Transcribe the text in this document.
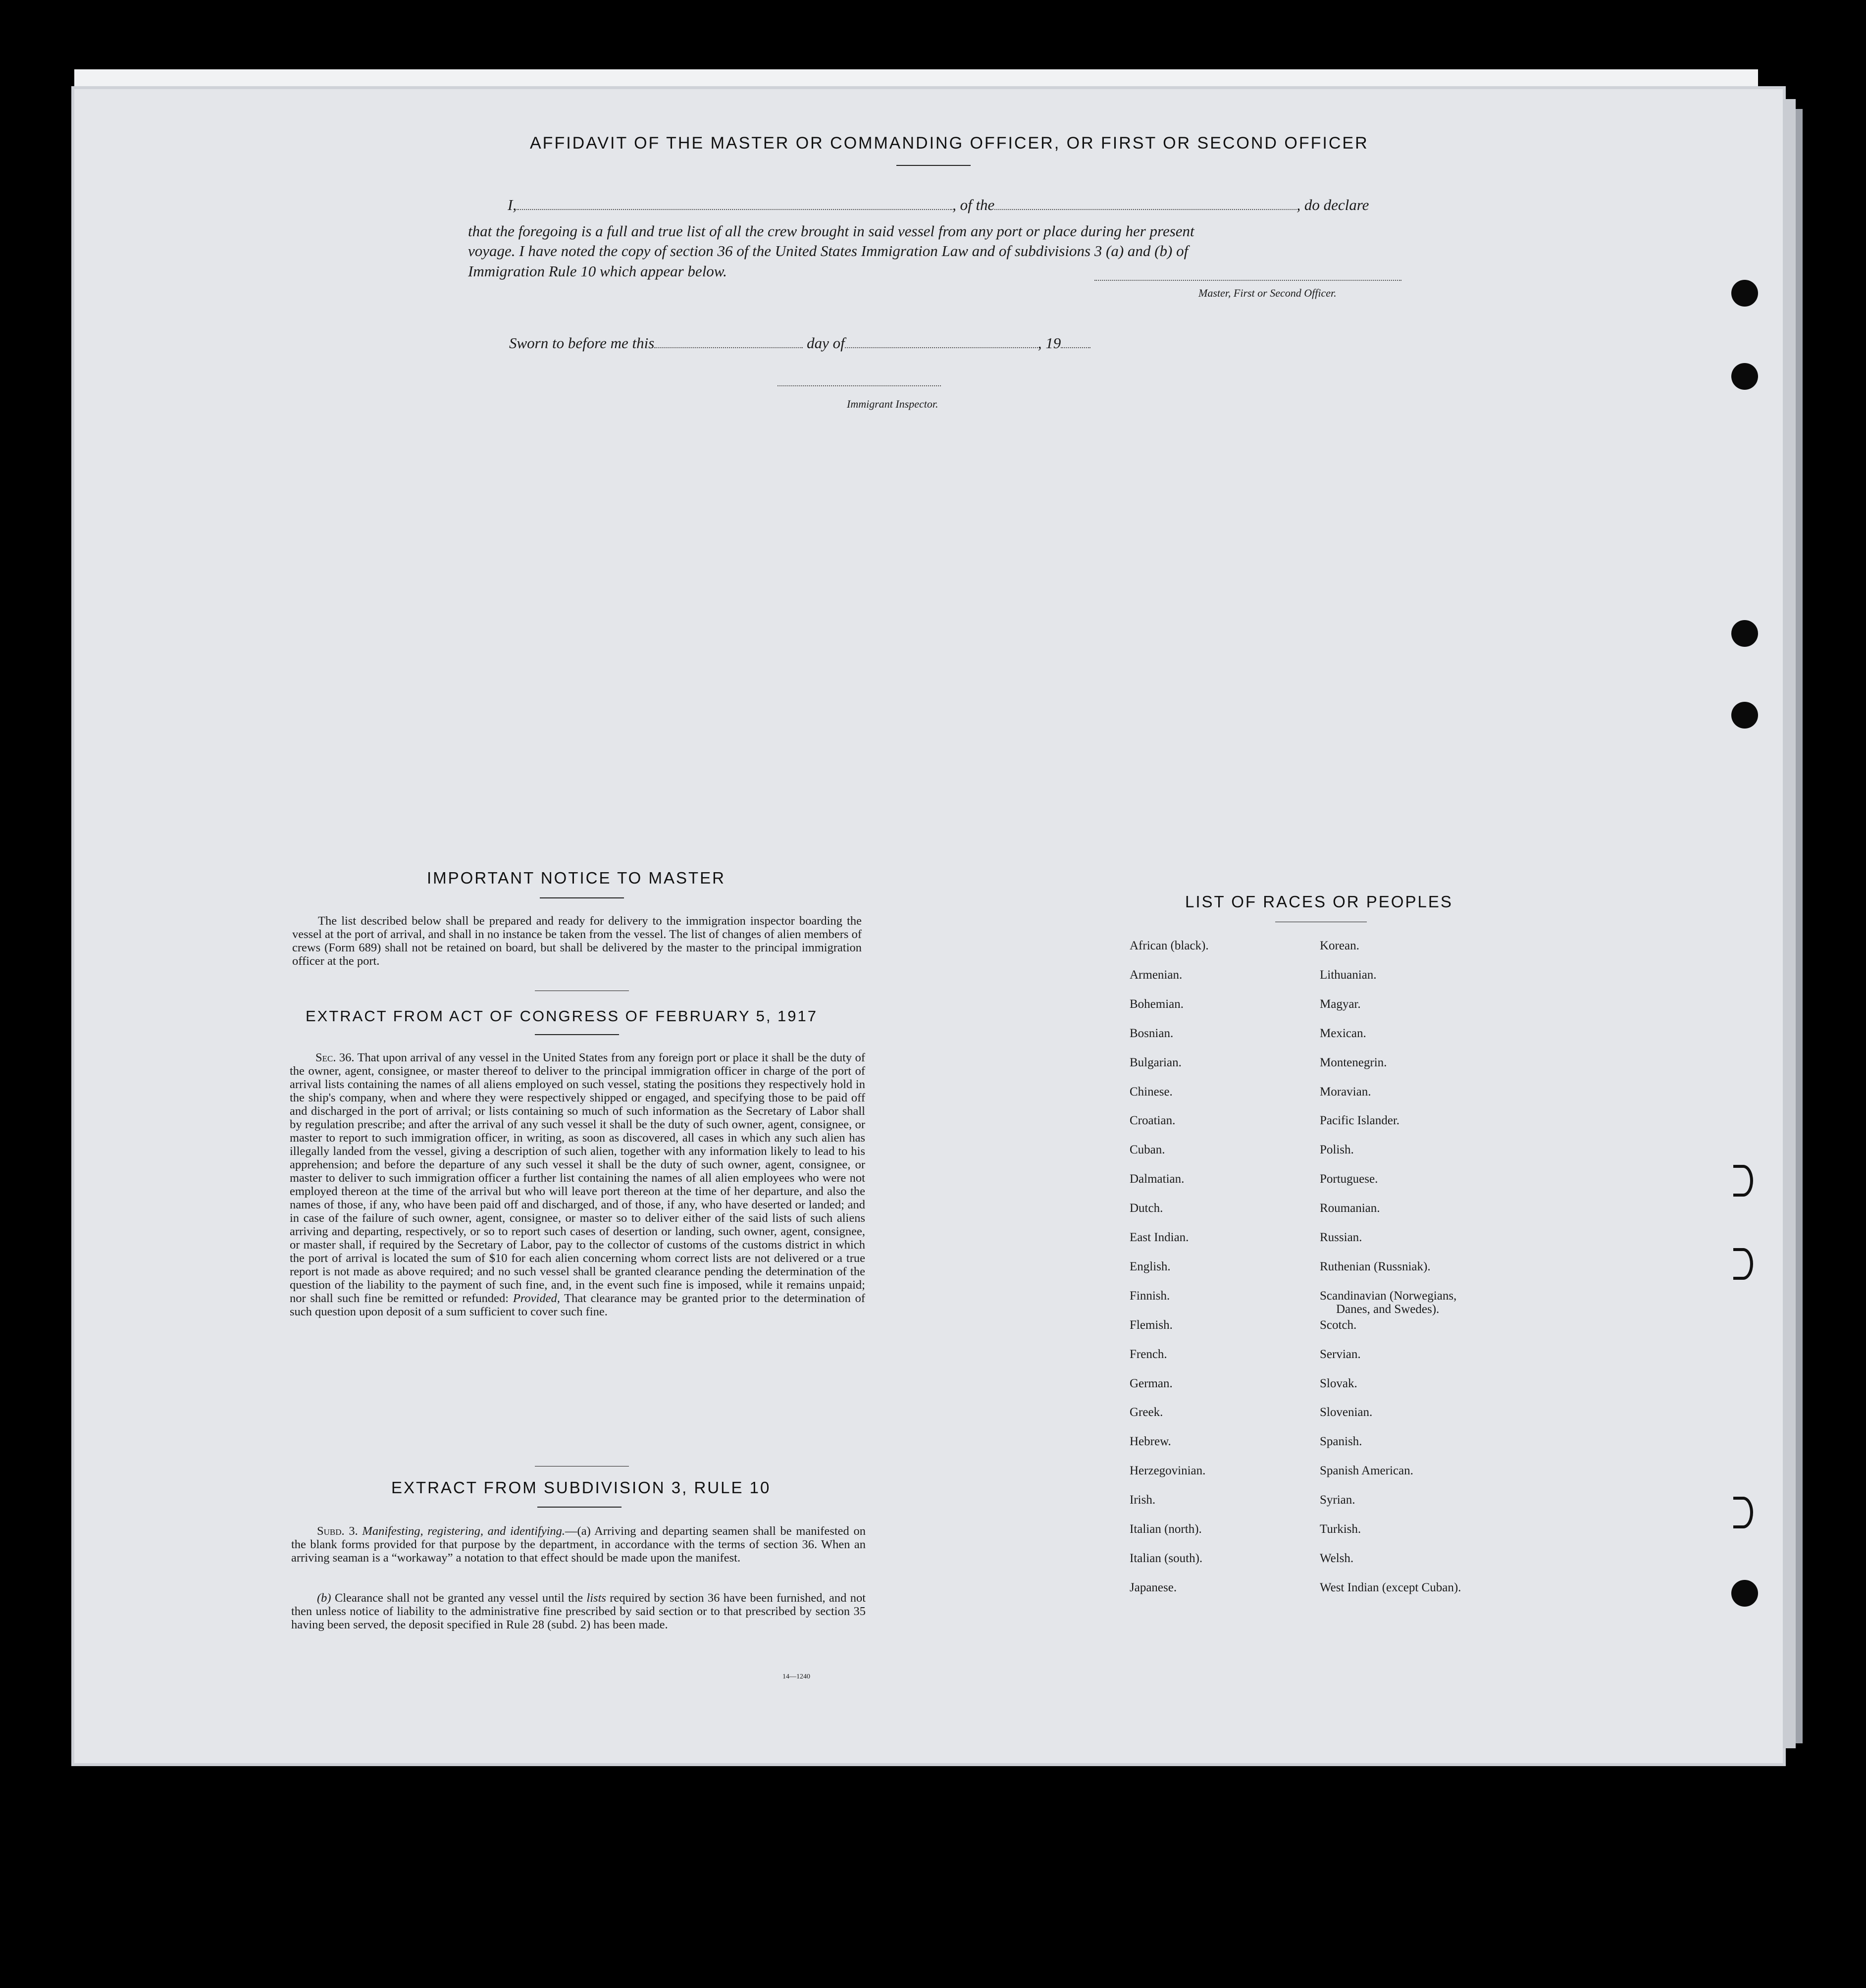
AFFIDAVIT OF THE MASTER OR COMMANDING OFFICER, OR FIRST OR SECOND OFFICER
I,	, of the	, do declare
that the foregoing is a full and true list of all the crew brought in said vessel from any port or place during her present
voyage. I have noted the copy of section 36 of the United States Immigration Law and of subdivisions 3 (a) and (b) of
Immigration Rule 10 which appear below.
Master, First or Second Officer.
Sworn to before me this	day of	, 19
Immigrant Inspector.
IMPORTANT NOTICE TO MASTER
The list described below shall be prepared and ready for delivery to the immigration inspector boarding the vessel at the port of arrival, and shall in no instance be taken from the vessel. The list of changes of alien members of crews (Form 689) shall not be retained on board, but shall be delivered by the master to the principal immigration officer at the port.
EXTRACT FROM ACT OF CONGRESS OF FEBRUARY 5, 1917
Sec. 36. That upon arrival of any vessel in the United States from any foreign port or place it shall be the duty of the owner, agent, consignee, or master thereof to deliver to the principal immigration officer in charge of the port of arrival lists containing the names of all aliens employed on such vessel, stating the positions they respectively hold in the ship's company, when and where they were respectively shipped or engaged, and specifying those to be paid off and discharged in the port of arrival; or lists containing so much of such information as the Secretary of Labor shall by regulation prescribe; and after the arrival of any such vessel it shall be the duty of such owner, agent, consignee, or master to report to such immigration officer, in writing, as soon as discovered, all cases in which any such alien has illegally landed from the vessel, giving a description of such alien, together with any information likely to lead to his apprehension; and before the departure of any such vessel it shall be the duty of such owner, agent, consignee, or master to deliver to such immigration officer a further list containing the names of all alien employees who were not employed thereon at the time of the arrival but who will leave port thereon at the time of her departure, and also the names of those, if any, who have been paid off and discharged, and of those, if any, who have deserted or landed; and in case of the failure of such owner, agent, consignee, or master so to deliver either of the said lists of such aliens arriving and departing, respectively, or so to report such cases of desertion or landing, such owner, agent, consignee, or master shall, if required by the Secretary of Labor, pay to the collector of customs of the customs district in which the port of arrival is located the sum of $10 for each alien concerning whom correct lists are not delivered or a true report is not made as above required; and no such vessel shall be granted clearance pending the determination of the question of the liability to the payment of such fine, and, in the event such fine is imposed, while it remains unpaid; nor shall such fine be remitted or refunded: Provided, That clearance may be granted prior to the determination of such question upon deposit of a sum sufficient to cover such fine.
EXTRACT FROM SUBDIVISION 3, RULE 10
Subd. 3. Manifesting, registering, and identifying.—(a) Arriving and departing seamen shall be manifested on the blank forms provided for that purpose by the department, in accordance with the terms of section 36. When an arriving seaman is a “workaway” a notation to that effect should be made upon the manifest.
(b) Clearance shall not be granted any vessel until the lists required by section 36 have been furnished, and not then unless notice of liability to the administrative fine prescribed by said section or to that prescribed by section 35 having been served, the deposit specified in Rule 28 (subd. 2) has been made.
14—1240
LIST OF RACES OR PEOPLES
African (black).
Armenian.
Bohemian.
Bosnian.
Bulgarian.
Chinese.
Croatian.
Cuban.
Dalmatian.
Dutch.
East Indian.
English.
Finnish.
Flemish.
French.
German.
Greek.
Hebrew.
Herzegovinian.
Irish.
Italian (north).
Italian (south).
Japanese.
Korean.
Lithuanian.
Magyar.
Mexican.
Montenegrin.
Moravian.
Pacific Islander.
Polish.
Portuguese.
Roumanian.
Russian.
Ruthenian (Russniak).
Scandinavian (Norwegians,
Danes, and Swedes).
Scotch.
Servian.
Slovak.
Slovenian.
Spanish.
Spanish American.
Syrian.
Turkish.
Welsh.
West Indian (except Cuban).
